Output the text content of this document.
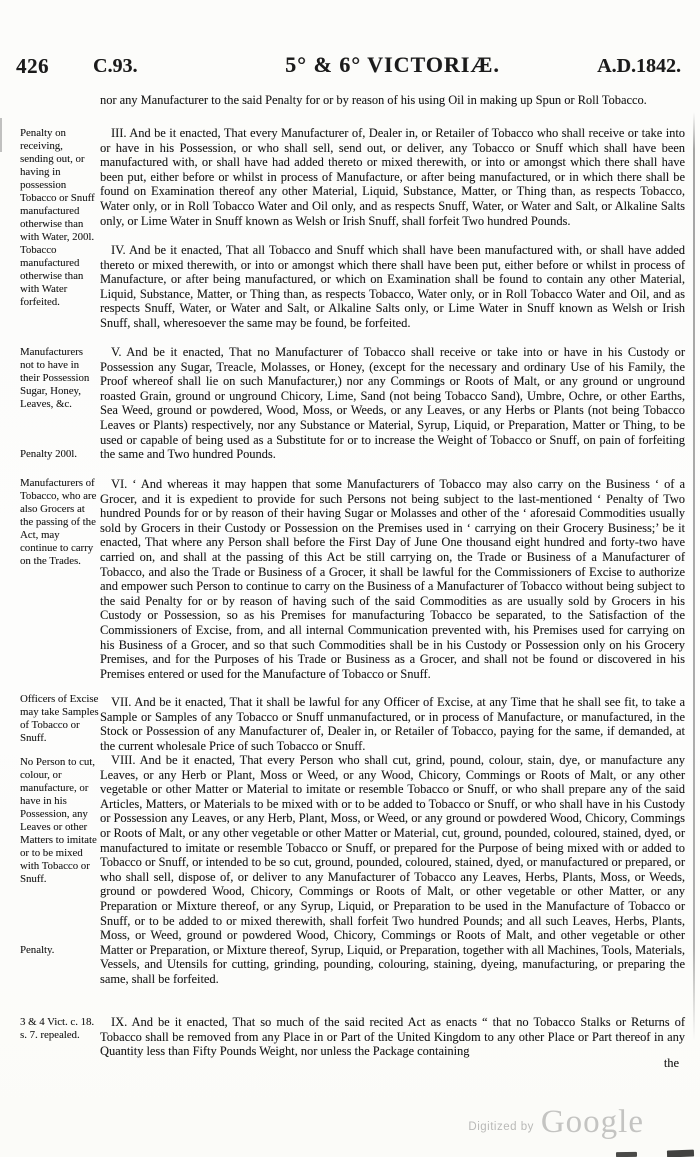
426 C.93.	5° & 6° VICTORIÆ.	A.D.1842.
Penalty on receiving, sending out, or having in possession Tobacco or Snuff manufactured otherwise than with Water, 200l.
Tobacco manufactured otherwise than with Water forfeited.
Manufacturers not to have in their Possession Sugar, Honey, Leaves, &c.
Penalty 200l.
Manufacturers of Tobacco, who are also Grocers at the passing of the Act, may continue to carry on the Trades.
Officers of Excise may take Samples of Tobacco or Snuff.
No Person to cut, colour, or manufacture, or have in his Possession, any Leaves or other Matters to imitate or to be mixed with Tobacco or Snuff.
Penalty.
3 & 4 Vict. c. 18. s. 7. repealed.

nor any Manufacturer to the said Penalty for or by reason of his using Oil in making up Spun or Roll Tobacco.

III. And be it enacted, That every Manufacturer of, Dealer in, or Retailer of Tobacco who shall receive or take into or have in his Possession, or who shall sell, send out, or deliver, any Tobacco or Snuff which shall have been manufactured with, or shall have had added thereto or mixed therewith, or into or amongst which there shall have been put, either before or whilst in process of Manufacture, or after being manufactured, or in which there shall be found on Examination thereof any other Material, Liquid, Substance, Matter, or Thing than, as respects Tobacco, Water only, or in Roll Tobacco Water and Oil only, and as respects Snuff, Water, or Water and Salt, or Alkaline Salts only, or Lime Water in Snuff known as Welsh or Irish Snuff, shall forfeit Two hundred Pounds.

IV. And be it enacted, That all Tobacco and Snuff which shall have been manufactured with, or shall have added thereto or mixed therewith, or into or amongst which there shall have been put, either before or whilst in process of Manufacture, or after being manufactured, or which on Examination shall be found to contain any other Material, Liquid, Substance, Matter, or Thing than, as respects Tobacco, Water only, or in Roll Tobacco Water and Oil, and as respects Snuff, Water, or Water and Salt, or Alkaline Salts only, or Lime Water in Snuff known as Welsh or Irish Snuff, shall, wheresoever the same may be found, be forfeited.

V. And be it enacted, That no Manufacturer of Tobacco shall receive or take into or have in his Custody or Possession any Sugar, Treacle, Molasses, or Honey, (except for the necessary and ordinary Use of his Family, the Proof whereof shall lie on such Manufacturer,) nor any Commings or Roots of Malt, or any ground or unground roasted Grain, ground or unground Chicory, Lime, Sand (not being Tobacco Sand), Umbre, Ochre, or other Earths, Sea Weed, ground or powdered, Wood, Moss, or Weeds, or any Leaves, or any Herbs or Plants (not being Tobacco Leaves or Plants) respectively, nor any Substance or Material, Syrup, Liquid, or Preparation, Matter or Thing, to be used or capable of being used as a Substitute for or to increase the Weight of Tobacco or Snuff, on pain of forfeiting the same and Two hundred Pounds.

VI. ‘ And whereas it may happen that some Manufacturers of Tobacco may also carry on the Business ‘ of a Grocer, and it is expedient to provide for such Persons not being subject to the last-mentioned ‘ Penalty of Two hundred Pounds for or by reason of their having Sugar or Molasses and other of the ‘ aforesaid Commodities usually sold by Grocers in their Custody or Possession on the Premises used in ‘ carrying on their Grocery Business;’ be it enacted, That where any Person shall before the First Day of June One thousand eight hundred and forty-two have carried on, and shall at the passing of this Act be still carrying on, the Trade or Business of a Manufacturer of Tobacco, and also the Trade or Business of a Grocer, it shall be lawful for the Commissioners of Excise to authorize and empower such Person to continue to carry on the Business of a Manufacturer of Tobacco without being subject to the said Penalty for or by reason of having such of the said Commodities as are usually sold by Grocers in his Custody or Possession, so as his Premises for manufacturing Tobacco be separated, to the Satisfaction of the Commissioners of Excise, from, and all internal Communication prevented with, his Premises used for carrying on his Business of a Grocer, and so that such Commodities shall be in his Custody or Possession only on his Grocery Premises, and for the Purposes of his Trade or Business as a Grocer, and shall not be found or discovered in his Premises entered or used for the Manufacture of Tobacco or Snuff.

VII. And be it enacted, That it shall be lawful for any Officer of Excise, at any Time that he shall see fit, to take a Sample or Samples of any Tobacco or Snuff unmanufactured, or in process of Manufacture, or manufactured, in the Stock or Possession of any Manufacturer of, Dealer in, or Retailer of Tobacco, paying for the same, if demanded, at the current wholesale Price of such Tobacco or Snuff.

VIII. And be it enacted, That every Person who shall cut, grind, pound, colour, stain, dye, or manufacture any Leaves, or any Herb or Plant, Moss or Weed, or any Wood, Chicory, Commings or Roots of Malt, or any other vegetable or other Matter or Material to imitate or resemble Tobacco or Snuff, or who shall prepare any of the said Articles, Matters, or Materials to be mixed with or to be added to Tobacco or Snuff, or who shall have in his Custody or Possession any Leaves, or any Herb, Plant, Moss, or Weed, or any ground or powdered Wood, Chicory, Commings or Roots of Malt, or any other vegetable or other Matter or Material, cut, ground, pounded, coloured, stained, dyed, or manufactured to imitate or resemble Tobacco or Snuff, or prepared for the Purpose of being mixed with or added to Tobacco or Snuff, or intended to be so cut, ground, pounded, coloured, stained, dyed, or manufactured or prepared, or who shall sell, dispose of, or deliver to any Manufacturer of Tobacco any Leaves, Herbs, Plants, Moss, or Weeds, ground or powdered Wood, Chicory, Commings or Roots of Malt, or other vegetable or other Matter, or any Preparation or Mixture thereof, or any Syrup, Liquid, or Preparation to be used in the Manufacture of Tobacco or Snuff, or to be added to or mixed therewith, shall forfeit Two hundred Pounds; and all such Leaves, Herbs, Plants, Moss, or Weed, ground or powdered Wood, Chicory, Commings or Roots of Malt, and other vegetable or other Matter or Preparation, or Mixture thereof, Syrup, Liquid, or Preparation, together with all Machines, Tools, Materials, Vessels, and Utensils for cutting, grinding, pounding, colouring, staining, dyeing, manufacturing, or preparing the same, shall be forfeited.

IX. And be it enacted, That so much of the said recited Act as enacts “ that no Tobacco Stalks or Returns of Tobacco shall be removed from any Place in or Part of the United Kingdom to any other Place or Part thereof in any Quantity less than Fifty Pounds Weight, nor unless the Package containing

the
Digitized by Google
